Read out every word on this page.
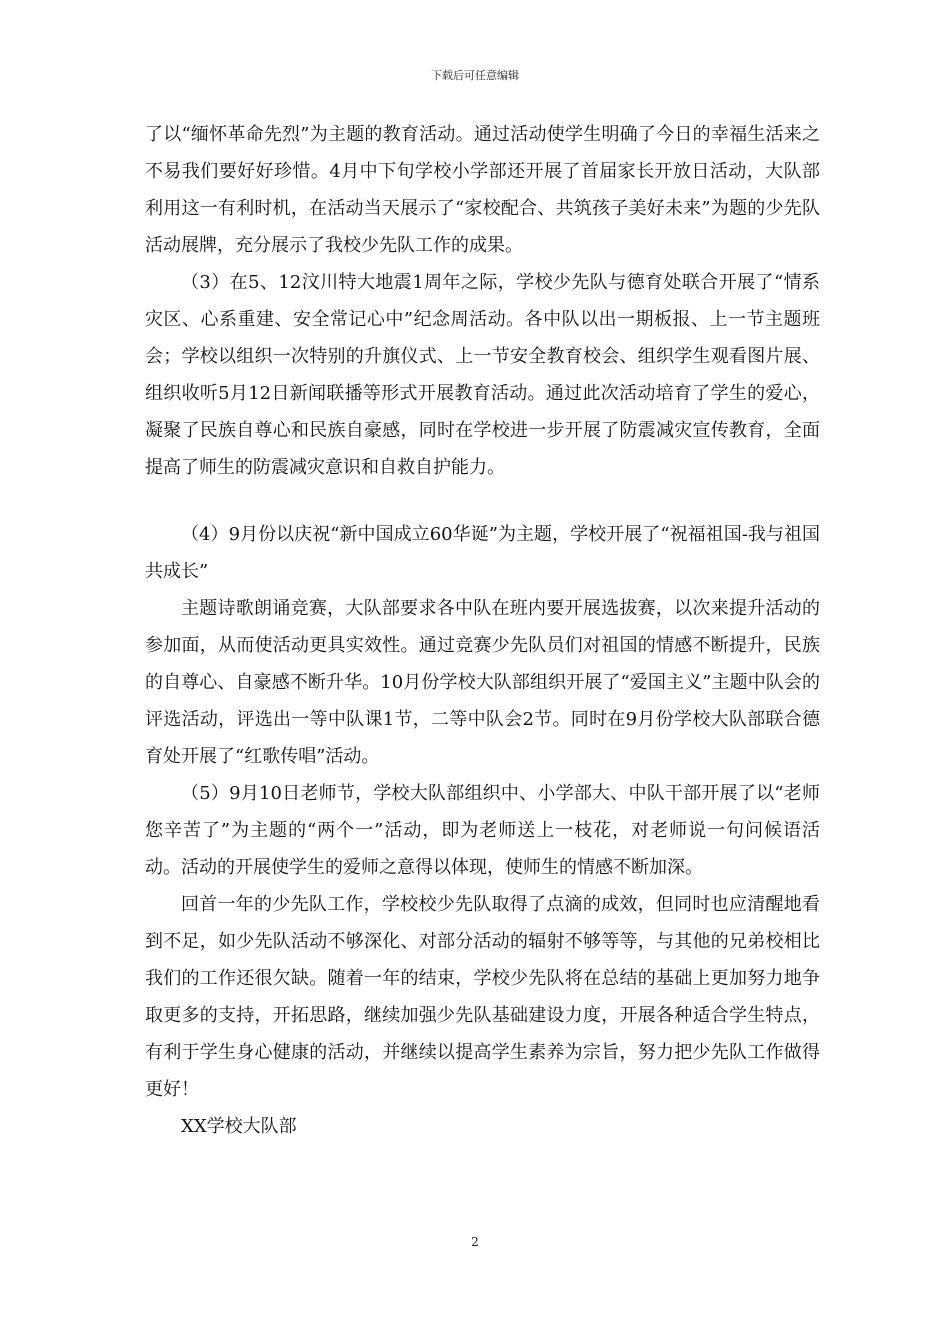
下载后可任意编辑

了以“缅怀革命先烈”为主题的教育活动。通过活动使学生明确了今日的幸福生活来之不易我们要好好珍惜。4月中下旬学校小学部还开展了首届家长开放日活动，大队部利用这一有利时机，在活动当天展示了“家校配合、共筑孩子美好未来”为题的少先队活动展牌，充分展示了我校少先队工作的成果。

（3）在5、12汶川特大地震1周年之际，学校少先队与德育处联合开展了“情系灾区、心系重建、安全常记心中”纪念周活动。各中队以出一期板报、上一节主题班会；学校以组织一次特别的升旗仪式、上一节安全教育校会、组织学生观看图片展、组织收听5月12日新闻联播等形式开展教育活动。通过此次活动培育了学生的爱心，凝聚了民族自尊心和民族自豪感，同时在学校进一步开展了防震减灾宣传教育，全面提高了师生的防震减灾意识和自救自护能力。

（4）9月份以庆祝“新中国成立60华诞”为主题，学校开展了“祝福祖国-我与祖国共成长”

主题诗歌朗诵竞赛，大队部要求各中队在班内要开展选拔赛，以次来提升活动的参加面，从而使活动更具实效性。通过竞赛少先队员们对祖国的情感不断提升，民族的自尊心、自豪感不断升华。10月份学校大队部组织开展了“爱国主义”主题中队会的评选活动，评选出一等中队课1节，二等中队会2节。同时在9月份学校大队部联合德育处开展了“红歌传唱”活动。

（5）9月10日老师节，学校大队部组织中、小学部大、中队干部开展了以“老师您辛苦了”为主题的“两个一”活动，即为老师送上一枝花，对老师说一句问候语活动。活动的开展使学生的爱师之意得以体现，使师生的情感不断加深。

回首一年的少先队工作，学校校少先队取得了点滴的成效，但同时也应清醒地看到不足，如少先队活动不够深化、对部分活动的辐射不够等等，与其他的兄弟校相比我们的工作还很欠缺。随着一年的结束，学校少先队将在总结的基础上更加努力地争取更多的支持，开拓思路，继续加强少先队基础建设力度，开展各种适合学生特点，有利于学生身心健康的活动，并继续以提高学生素养为宗旨，努力把少先队工作做得更好！

XX学校大队部

2
